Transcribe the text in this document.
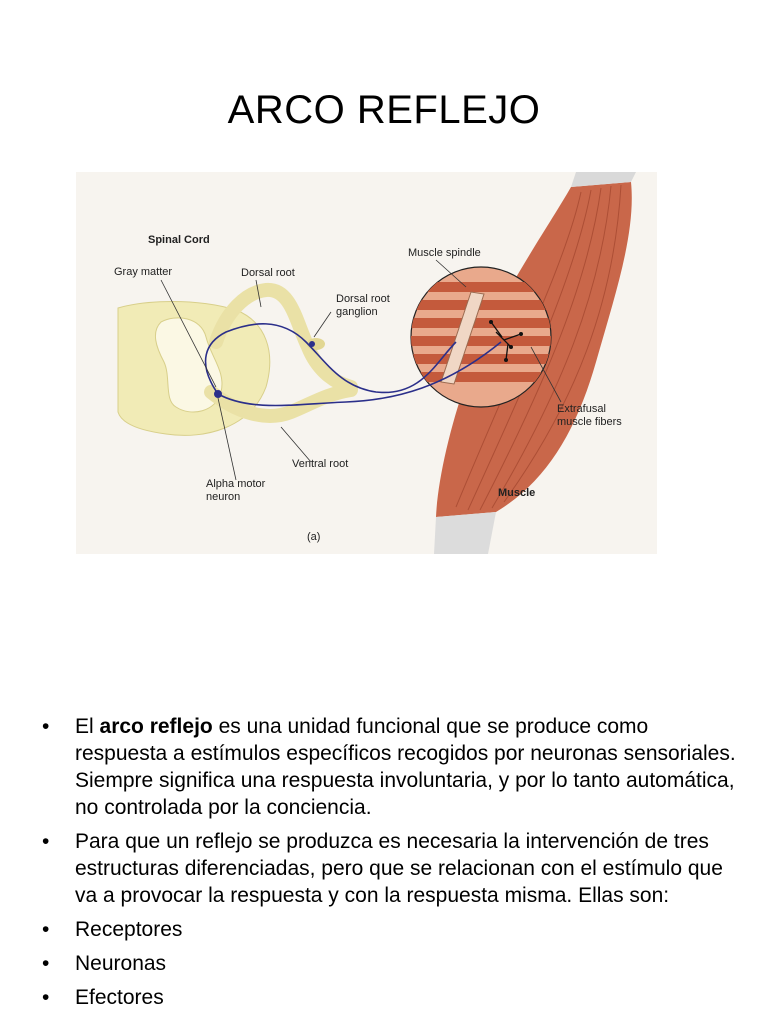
ARCO REFLEJO
Spinal Cord
Gray matter	Dorsal root
Dorsal root
ganglion
Muscle spindle
Extrafusal
muscle fibers
Ventral root
Alpha motor
neuron	Muscle
(a)
• El arco reflejo es una unidad funcional que se produce como respuesta a estímulos específicos recogidos por neuronas sensoriales. Siempre significa una respuesta involuntaria, y por lo tanto automática, no controlada por la conciencia.
• Para que un reflejo se produzca es necesaria la intervención de tres estructuras diferenciadas, pero que se relacionan con el estímulo que va a provocar la respuesta y con la respuesta misma. Ellas son:
• Receptores
• Neuronas
• Efectores
